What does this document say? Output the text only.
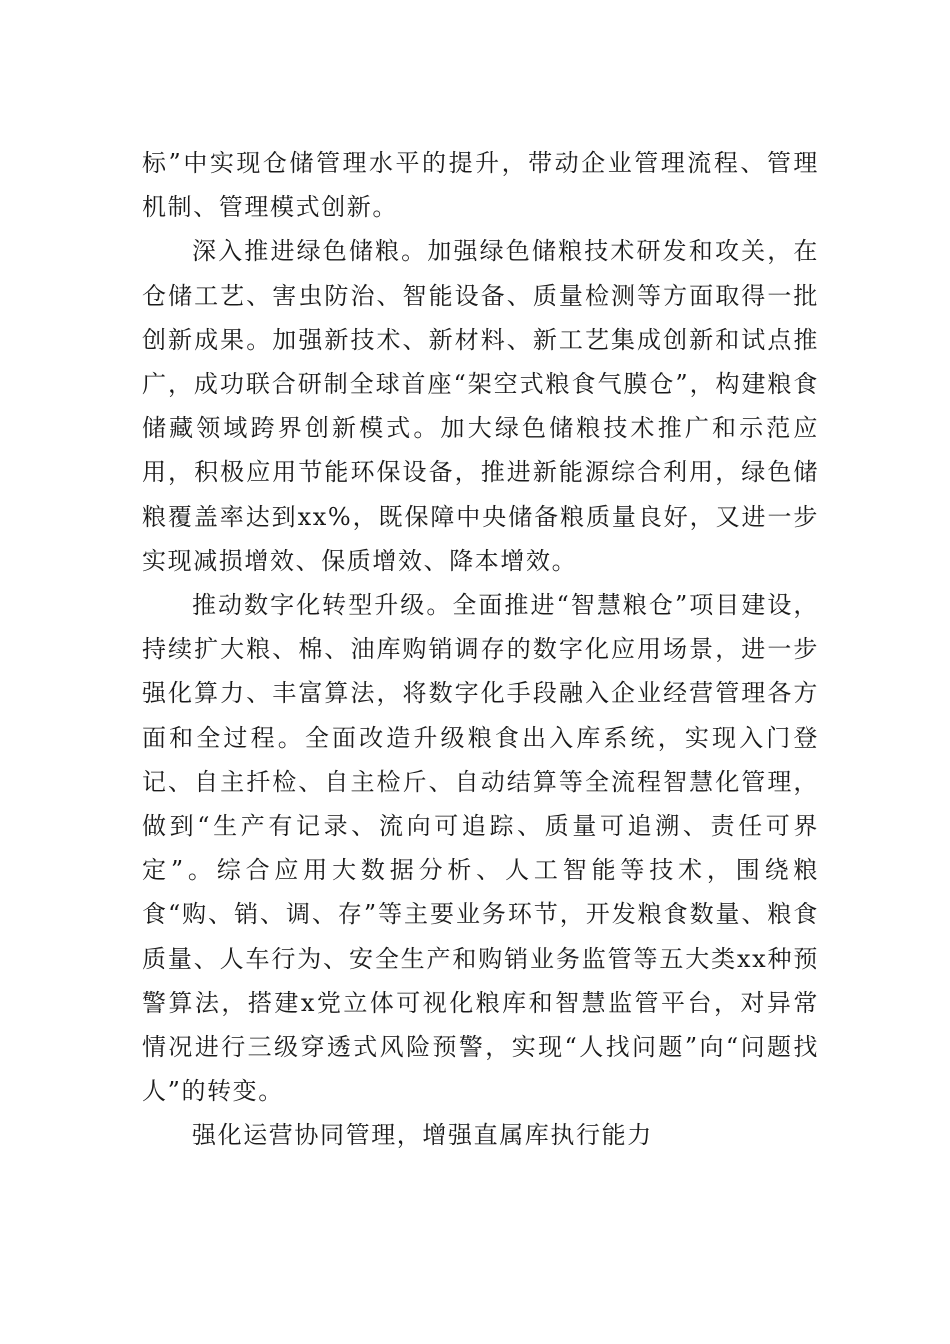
标”中实现仓储管理水平的提升，带动企业管理流程、管理机制、管理模式创新。

深入推进绿色储粮。加强绿色储粮技术研发和攻关，在仓储工艺、害虫防治、智能设备、质量检测等方面取得一批创新成果。加强新技术、新材料、新工艺集成创新和试点推广，成功联合研制全球首座“架空式粮食气膜仓”，构建粮食储藏领域跨界创新模式。加大绿色储粮技术推广和示范应用，积极应用节能环保设备，推进新能源综合利用，绿色储粮覆盖率达到xx%，既保障中央储备粮质量良好，又进一步实现减损增效、保质增效、降本增效。

推动数字化转型升级。全面推进“智慧粮仓”项目建设，持续扩大粮、棉、油库购销调存的数字化应用场景，进一步强化算力、丰富算法，将数字化手段融入企业经营管理各方面和全过程。全面改造升级粮食出入库系统，实现入门登记、自主扦检、自主检斤、自动结算等全流程智慧化管理，做到“生产有记录、流向可追踪、质量可追溯、责任可界定”。综合应用大数据分析、人工智能等技术，围绕粮食“购、销、调、存”等主要业务环节，开发粮食数量、粮食质量、人车行为、安全生产和购销业务监管等五大类xx种预警算法，搭建x党立体可视化粮库和智慧监管平台，对异常情况进行三级穿透式风险预警，实现“人找问题”向“问题找人”的转变。

强化运营协同管理，增强直属库执行能力
